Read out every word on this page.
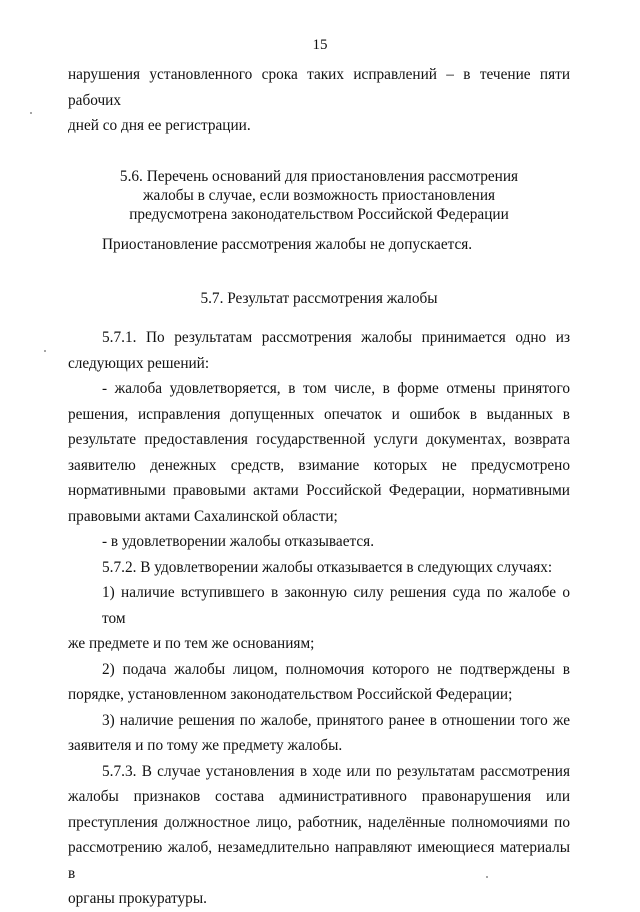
15

нарушения установленного срока таких исправлений – в течение пяти рабочих
дней со дня ее регистрации.

5.6. Перечень оснований для приостановления рассмотрения
жалобы в случае, если возможность приостановления
предусмотрена законодательством Российской Федерации

Приостановление рассмотрения жалобы не допускается.

5.7. Результат рассмотрения жалобы

5.7.1. По результатам рассмотрения жалобы принимается одно из
следующих решений:

- жалоба удовлетворяется, в том числе, в форме отмены принятого
решения, исправления допущенных опечаток и ошибок в выданных в
результате предоставления государственной услуги документах, возврата
заявителю денежных средств, взимание которых не предусмотрено
нормативными правовыми актами Российской Федерации, нормативными
правовыми актами Сахалинской области;

- в удовлетворении жалобы отказывается.

5.7.2. В удовлетворении жалобы отказывается в следующих случаях:

1) наличие вступившего в законную силу решения суда по жалобе о том
же предмете и по тем же основаниям;

2) подача жалобы лицом, полномочия которого не подтверждены в
порядке, установленном законодательством Российской Федерации;

3) наличие решения по жалобе, принятого ранее в отношении того же
заявителя и по тому же предмету жалобы.

5.7.3. В случае установления в ходе или по результатам рассмотрения
жалобы признаков состава административного правонарушения или
преступления должностное лицо, работник, наделённые полномочиями по
рассмотрению жалоб, незамедлительно направляют имеющиеся материалы в
органы прокуратуры.
